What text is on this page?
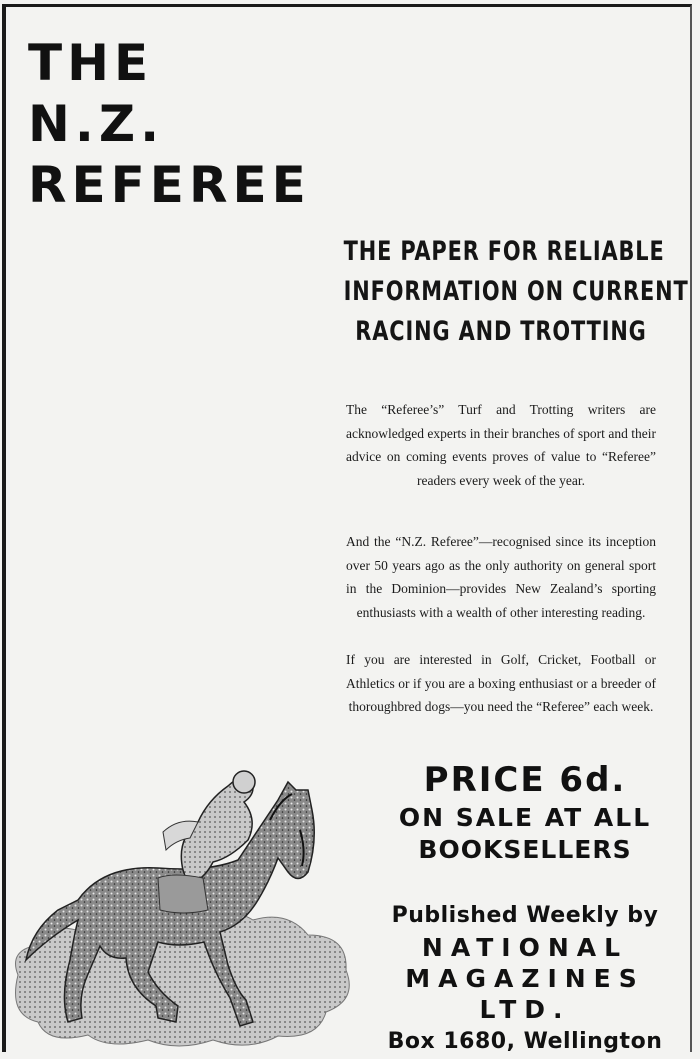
THE
N.Z.
REFEREE
THE PAPER FOR RELIABLE
INFORMATION ON CURRENT
RACING AND TROTTING
The “Referee’s” Turf and Trotting writers are acknowledged experts in their branches of sport and their advice on coming events proves of value to “Referee” readers every week of the year.
And the “N.Z. Referee”—recognised since its inception over 50 years ago as the only authority on general sport in the Dominion—provides New Zealand’s sporting enthusiasts with a wealth of other interesting reading.
If you are interested in Golf, Cricket, Football or Athletics or if you are a boxing enthusiast or a breeder of thoroughbred dogs—you need the “Referee” each week.
PRICE 6d.
ON SALE AT ALL
BOOKSELLERS
Published Weekly by
NATIONAL
MAGAZINES
LTD.
Box 1680, Wellington
